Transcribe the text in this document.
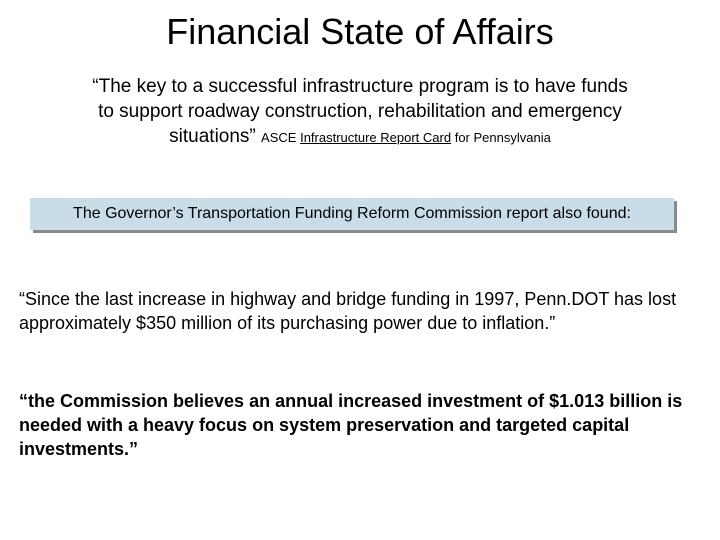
Financial State of Affairs
“The key to a successful infrastructure program is to have funds to support roadway construction, rehabilitation and emergency situations” ASCE Infrastructure Report Card for Pennsylvania
The Governor’s Transportation Funding Reform Commission report also found:
“Since the last increase in highway and bridge funding in 1997, Penn.DOT has lost approximately $350 million of its purchasing power due to inflation.”
“the Commission believes an annual increased investment of $1.013 billion is needed with a heavy focus on system preservation and targeted capital investments.”
